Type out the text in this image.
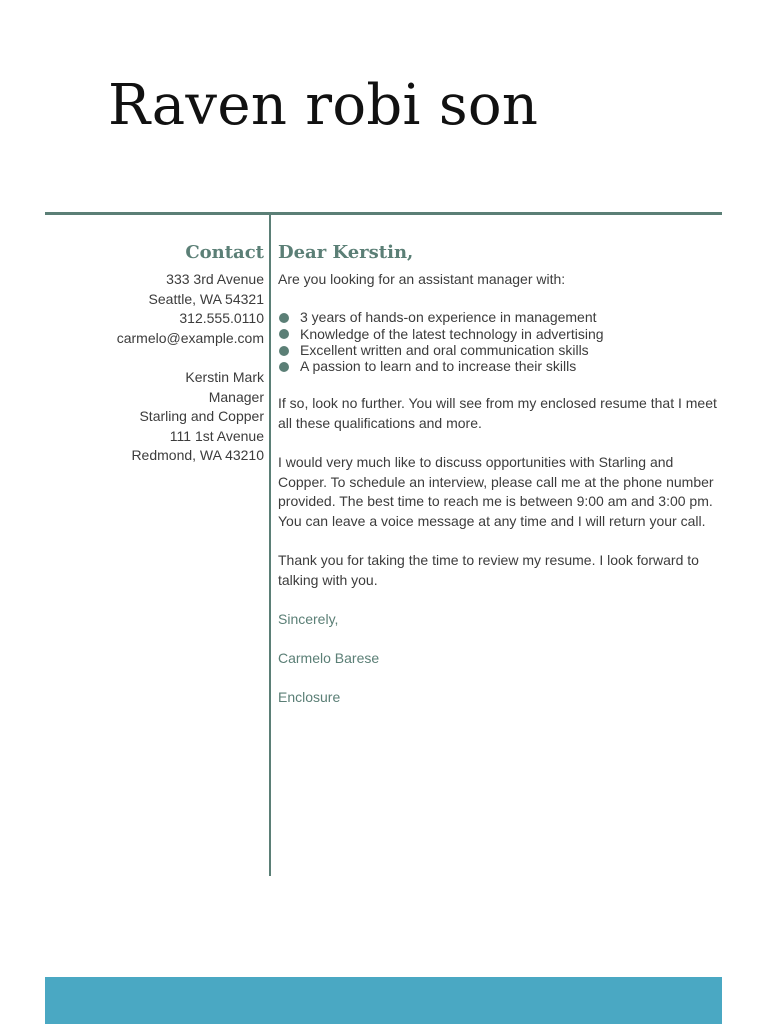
Raven robi son
Contact
333 3rd Avenue
Seattle, WA 54321
312.555.0110
carmelo@example.com
Kerstin Mark
Manager
Starling and Copper
111 1st Avenue
Redmond, WA 43210
Dear Kerstin,

Are you looking for an assistant manager with:

3 years of hands-on experience in management
Knowledge of the latest technology in advertising
Excellent written and oral communication skills
A passion to learn and to increase their skills

If so, look no further. You will see from my enclosed resume that I meet all these qualifications and more.

I would very much like to discuss opportunities with Starling and Copper. To schedule an interview, please call me at the phone number provided. The best time to reach me is between 9:00 am and 3:00 pm. You can leave a voice message at any time and I will return your call.

Thank you for taking the time to review my resume. I look forward to talking with you.

Sincerely,

Carmelo Barese

Enclosure
